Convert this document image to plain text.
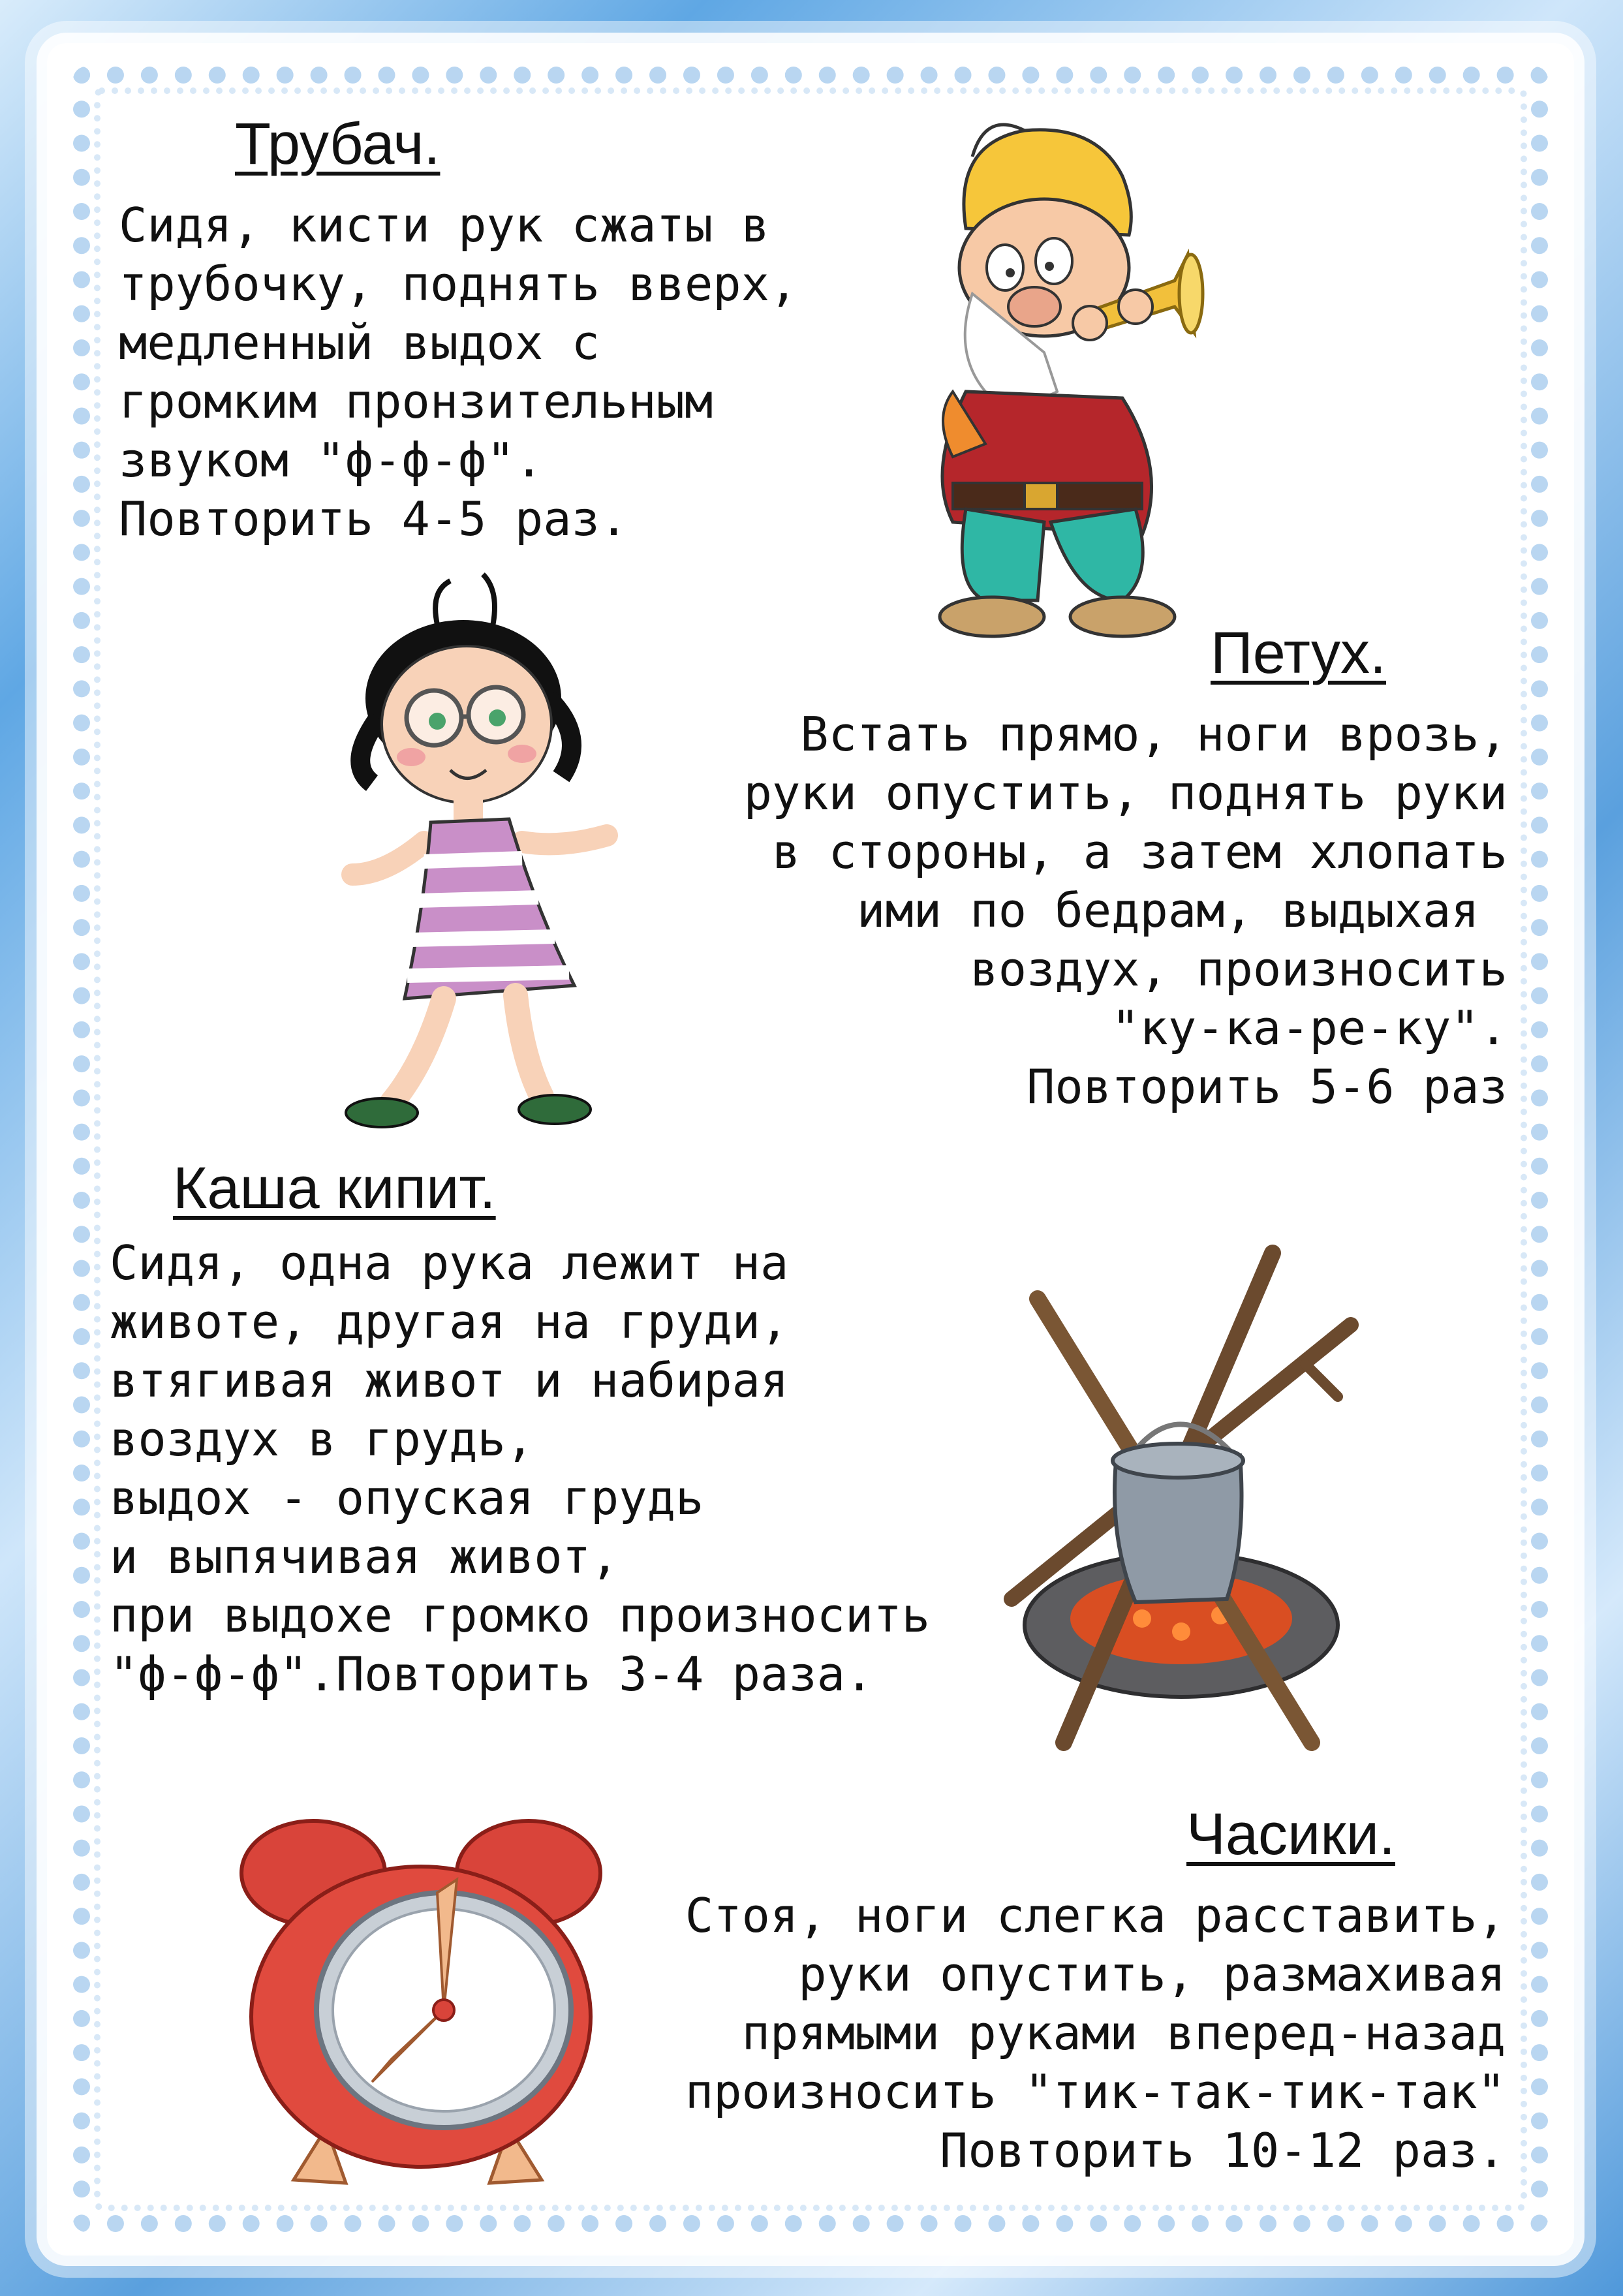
Трубач.
Сидя, кисти рук сжаты в
трубочку, поднять вверх,
медленный выдох с
громким пронзительным
звуком "ф-ф-ф".
Повторить 4-5 раз.
Петух.
Встать прямо, ноги врозь,
руки опустить, поднять руки
в стороны, а затем хлопать
ими по бедрам, выдыхая
воздух, произносить
"ку-ка-ре-ку".
Повторить 5-6 раз
Каша кипит.
Сидя, одна рука лежит на
животе, другая на груди,
втягивая живот и набирая
воздух в грудь,
выдох - опуская грудь
и выпячивая живот,
при выдохе громко произносить
"ф-ф-ф".Повторить 3-4 раза.
Часики.
Стоя, ноги слегка расставить,
руки опустить, размахивая
прямыми руками вперед-назад
произносить "тик-так-тик-так"
Повторить 10-12 раз.
